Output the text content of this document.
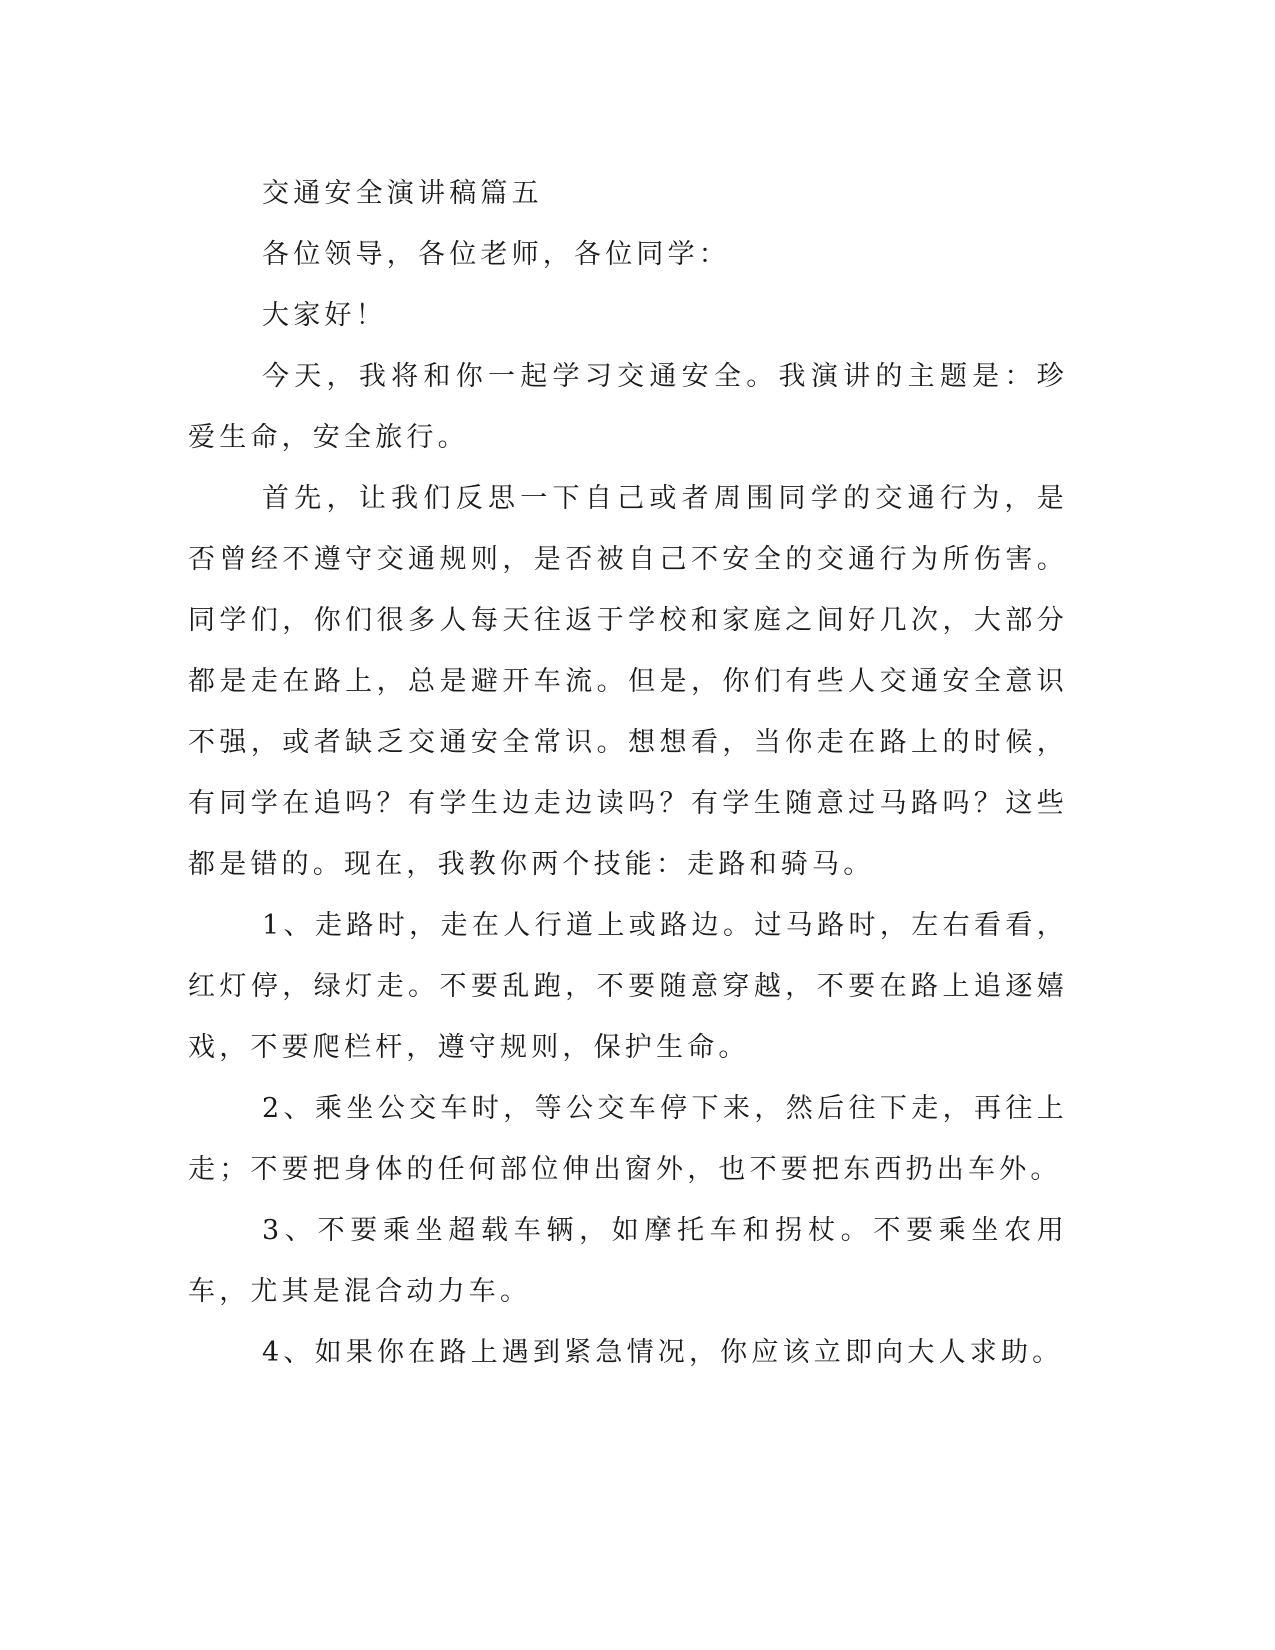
交通安全演讲稿篇五

各位领导，各位老师，各位同学：

大家好！

今天，我将和你一起学习交通安全。我演讲的主题是：珍爱生命，安全旅行。

首先，让我们反思一下自己或者周围同学的交通行为，是否曾经不遵守交通规则，是否被自己不安全的交通行为所伤害。同学们，你们很多人每天往返于学校和家庭之间好几次，大部分都是走在路上，总是避开车流。但是，你们有些人交通安全意识不强，或者缺乏交通安全常识。想想看，当你走在路上的时候，有同学在追吗？有学生边走边读吗？有学生随意过马路吗？这些都是错的。现在，我教你两个技能：走路和骑马。

1、走路时，走在人行道上或路边。过马路时，左右看看，红灯停，绿灯走。不要乱跑，不要随意穿越，不要在路上追逐嬉戏，不要爬栏杆，遵守规则，保护生命。

2、乘坐公交车时，等公交车停下来，然后往下走，再往上走；不要把身体的任何部位伸出窗外，也不要把东西扔出车外。

3、不要乘坐超载车辆，如摩托车和拐杖。不要乘坐农用车，尤其是混合动力车。

4、如果你在路上遇到紧急情况，你应该立即向大人求助。
